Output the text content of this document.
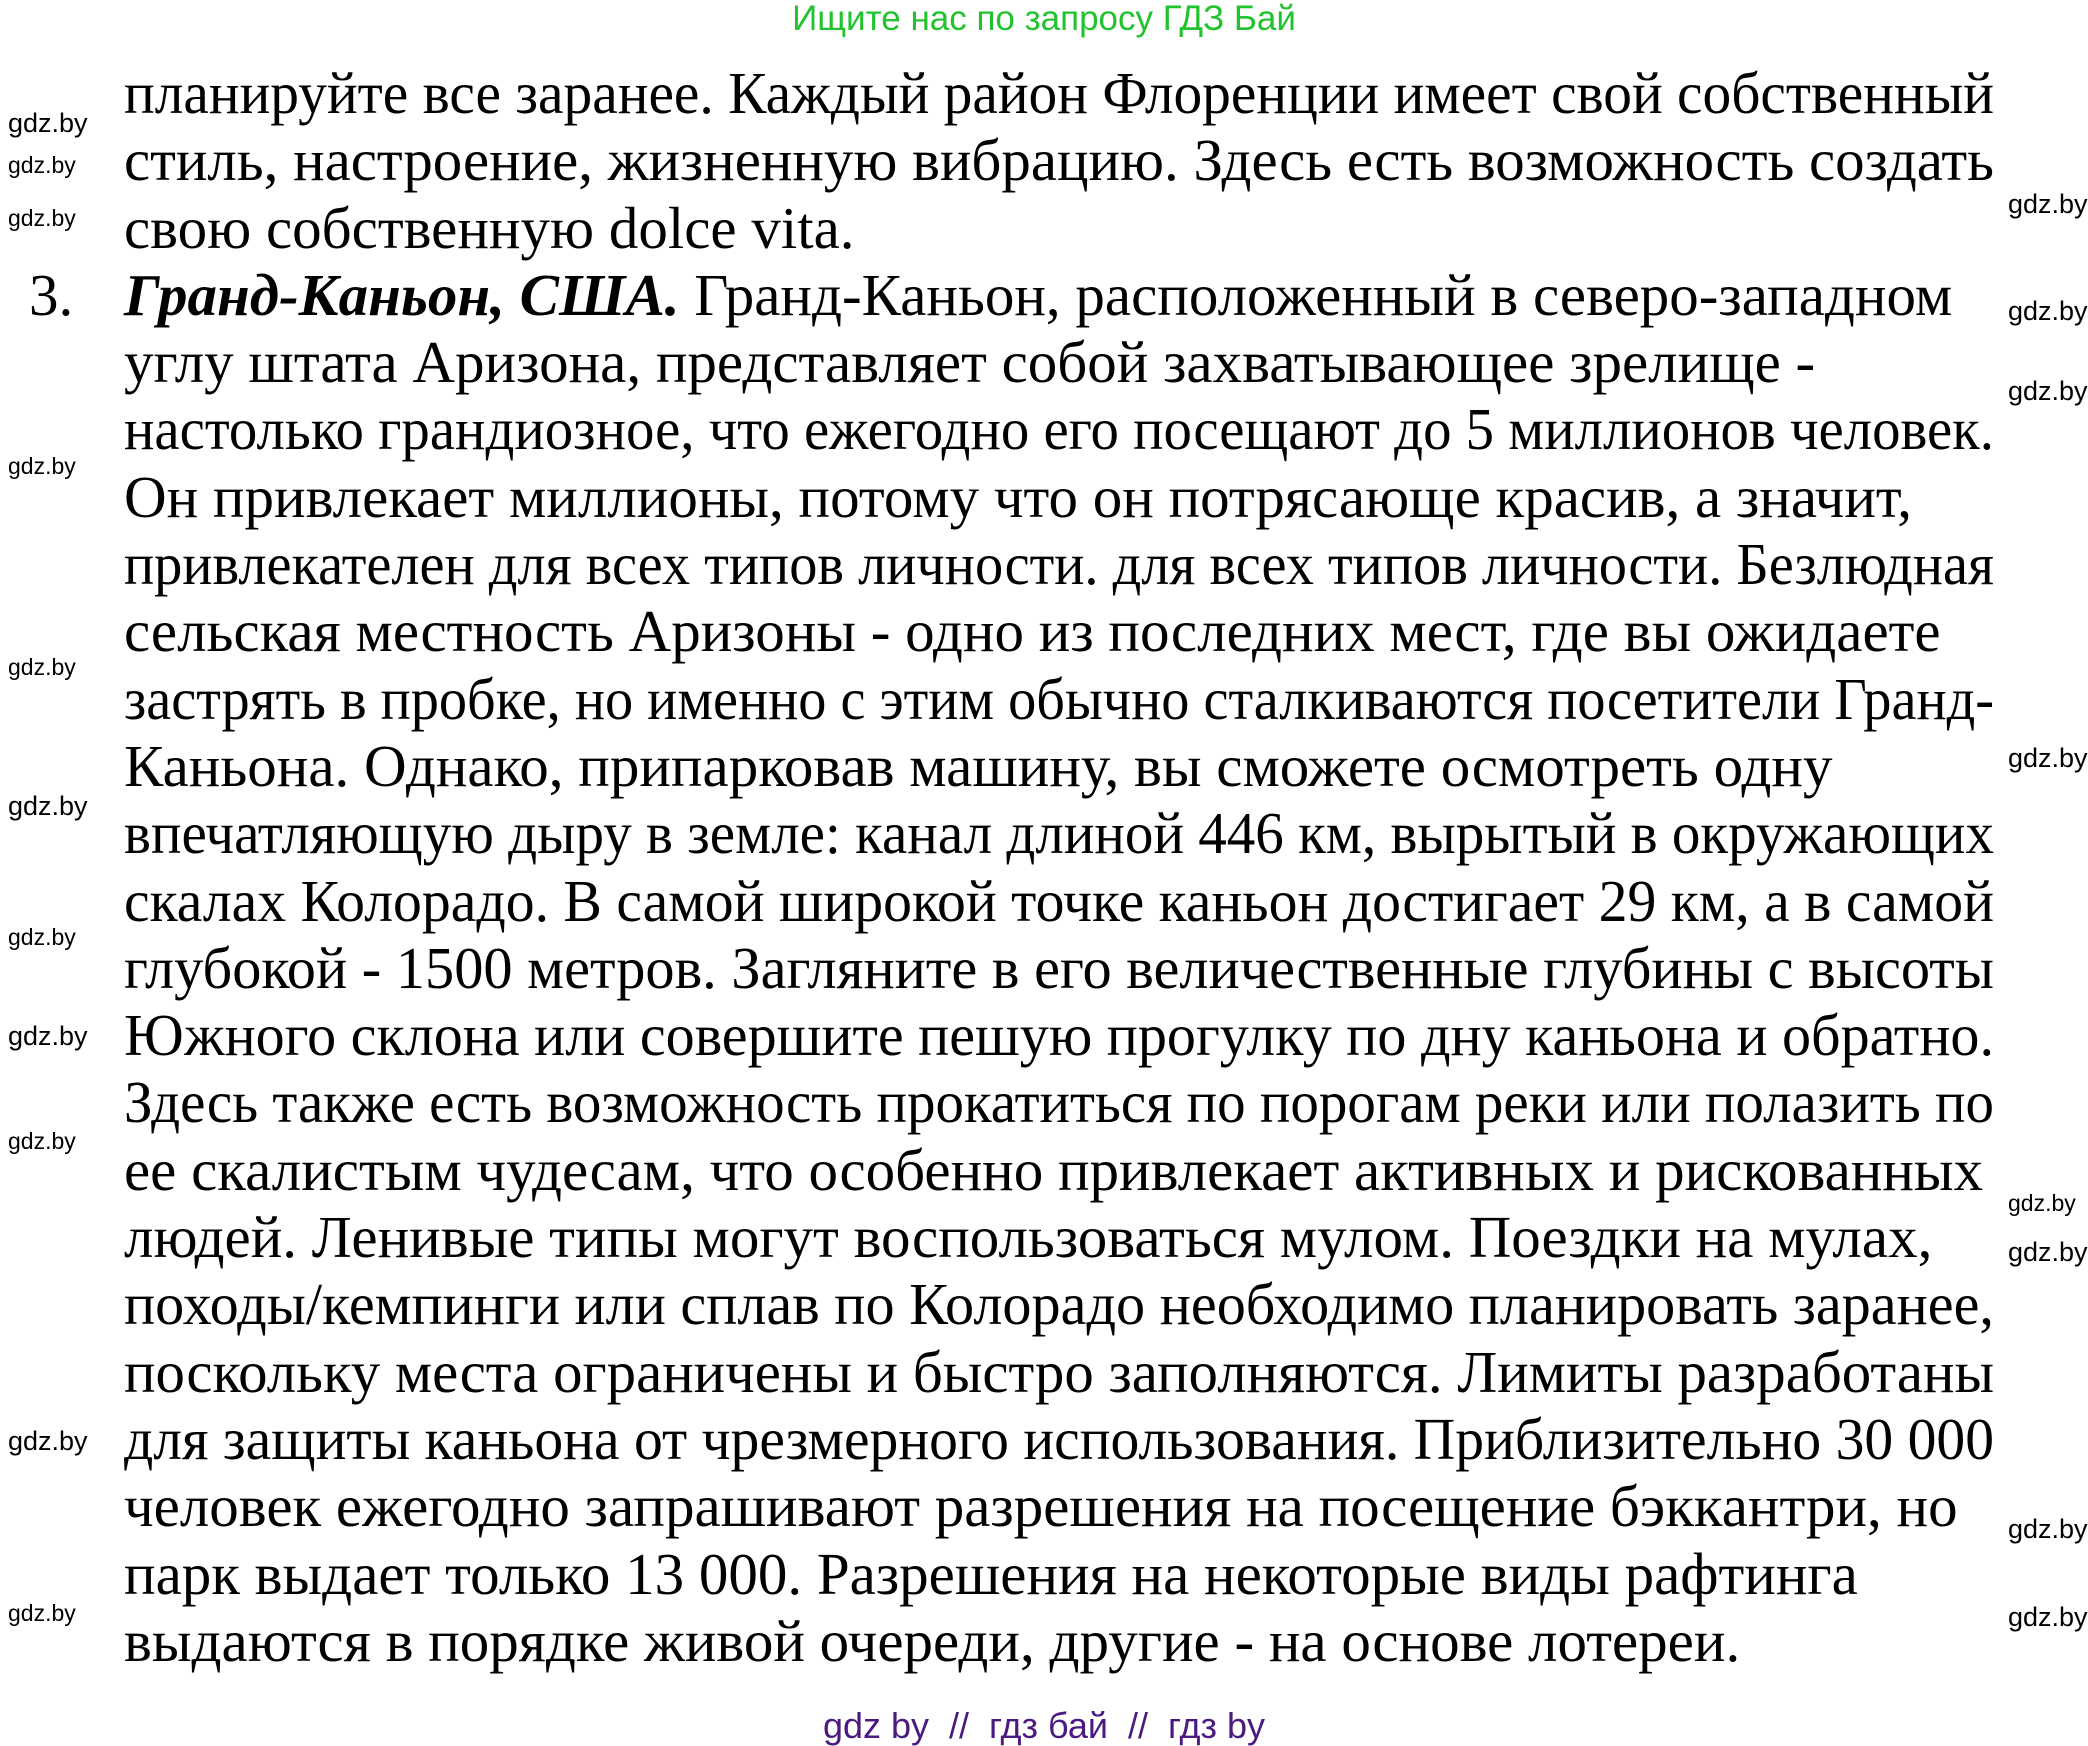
Ищите нас по запросу ГДЗ Бай
3.
планируйте все заранее. Каждый район Флоренции имеет свой собственный
стиль, настроение, жизненную вибрацию. Здесь есть возможность создать
свою собственную dolce vita.
Гранд-Каньон, США. Гранд-Каньон, расположенный в северо-западном
углу штата Аризона, представляет собой захватывающее зрелище -
настолько грандиозное, что ежегодно его посещают до 5 миллионов человек.
Он привлекает миллионы, потому что он потрясающе красив, а значит,
привлекателен для всех типов личности. для всех типов личности. Безлюдная
сельская местность Аризоны - одно из последних мест, где вы ожидаете
застрять в пробке, но именно с этим обычно сталкиваются посетители Гранд-
Каньона. Однако, припарковав машину, вы сможете осмотреть одну
впечатляющую дыру в земле: канал длиной 446 км, вырытый в окружающих
скалах Колорадо. В самой широкой точке каньон достигает 29 км, а в самой
глубокой - 1500 метров. Загляните в его величественные глубины с высоты
Южного склона или совершите пешую прогулку по дну каньона и обратно.
Здесь также есть возможность прокатиться по порогам реки или полазить по
ее скалистым чудесам, что особенно привлекает активных и рискованных
людей. Ленивые типы могут воспользоваться мулом. Поездки на мулах,
походы/кемпинги или сплав по Колорадо необходимо планировать заранее,
поскольку места ограничены и быстро заполняются. Лимиты разработаны
для защиты каньона от чрезмерного использования. Приблизительно 30 000
человек ежегодно запрашивают разрешения на посещение бэккантри, но
парк выдает только 13 000. Разрешения на некоторые виды рафтинга
выдаются в порядке живой очереди, другие - на основе лотереи.
gdz.by
gdz.by
gdz.by
gdz.by
gdz.by
gdz.by
gdz.by
gdz.by
gdz.by
gdz.by
gdz.by
gdz.by
gdz.by
gdz.by
gdz.by
gdz.by
gdz.by
gdz.by
gdz.by
gdz by  //  гдз бай  //  гдз by
